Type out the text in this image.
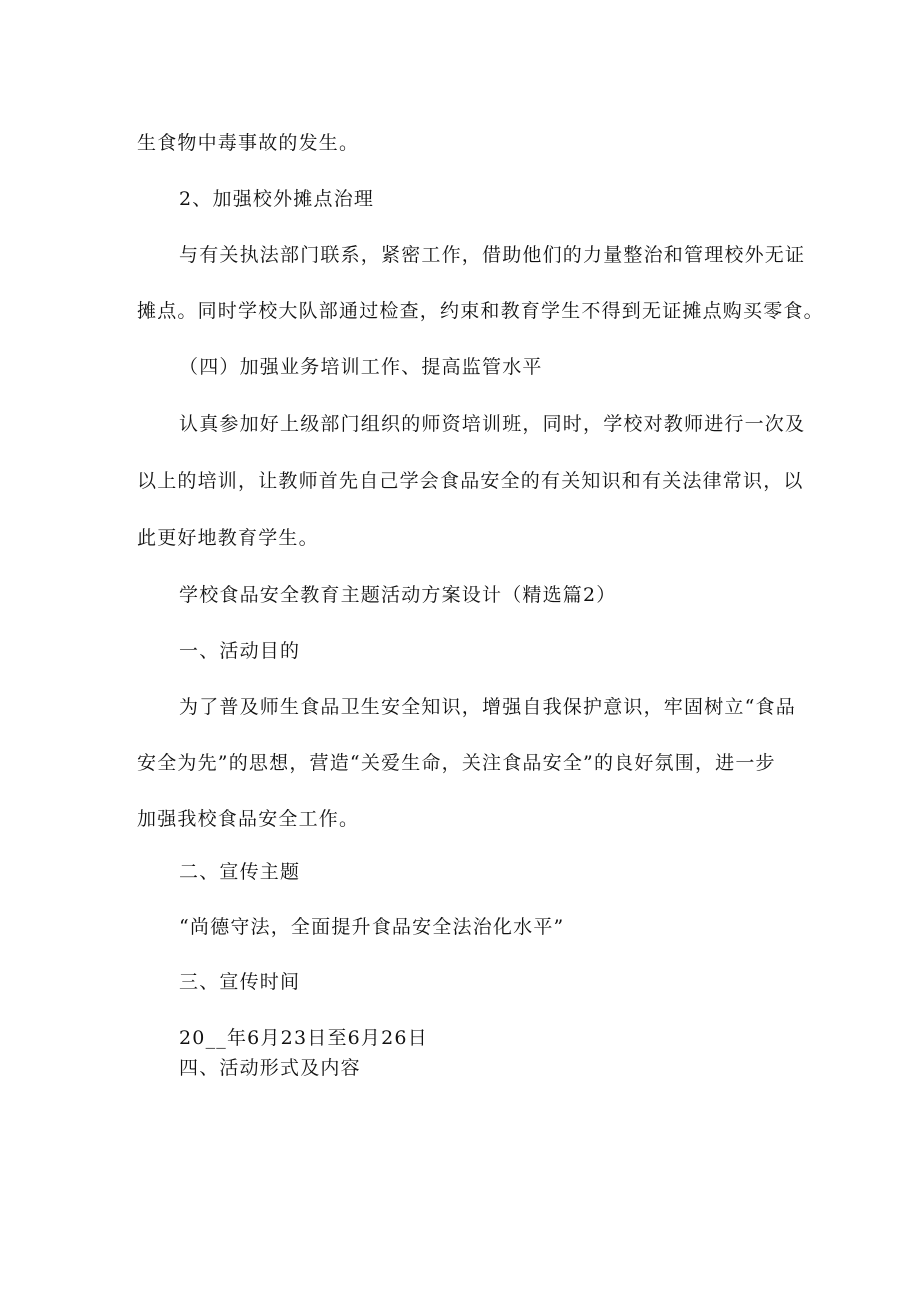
生食物中毒事故的发生。
2、加强校外摊点治理
与有关执法部门联系，紧密工作，借助他们的力量整治和管理校外无证
摊点。同时学校大队部通过检查，约束和教育学生不得到无证摊点购买零食。
（四）加强业务培训工作、提高监管水平
认真参加好上级部门组织的师资培训班，同时，学校对教师进行一次及
以上的培训，让教师首先自己学会食品安全的有关知识和有关法律常识，以
此更好地教育学生。
学校食品安全教育主题活动方案设计（精选篇2）
一、活动目的
为了普及师生食品卫生安全知识，增强自我保护意识，牢固树立“食品
安全为先”的思想，营造“关爱生命，关注食品安全”的良好氛围，进一步
加强我校食品安全工作。
二、宣传主题
“尚德守法，全面提升食品安全法治化水平”
三、宣传时间
20__年6月23日至6月26日
四、活动形式及内容
